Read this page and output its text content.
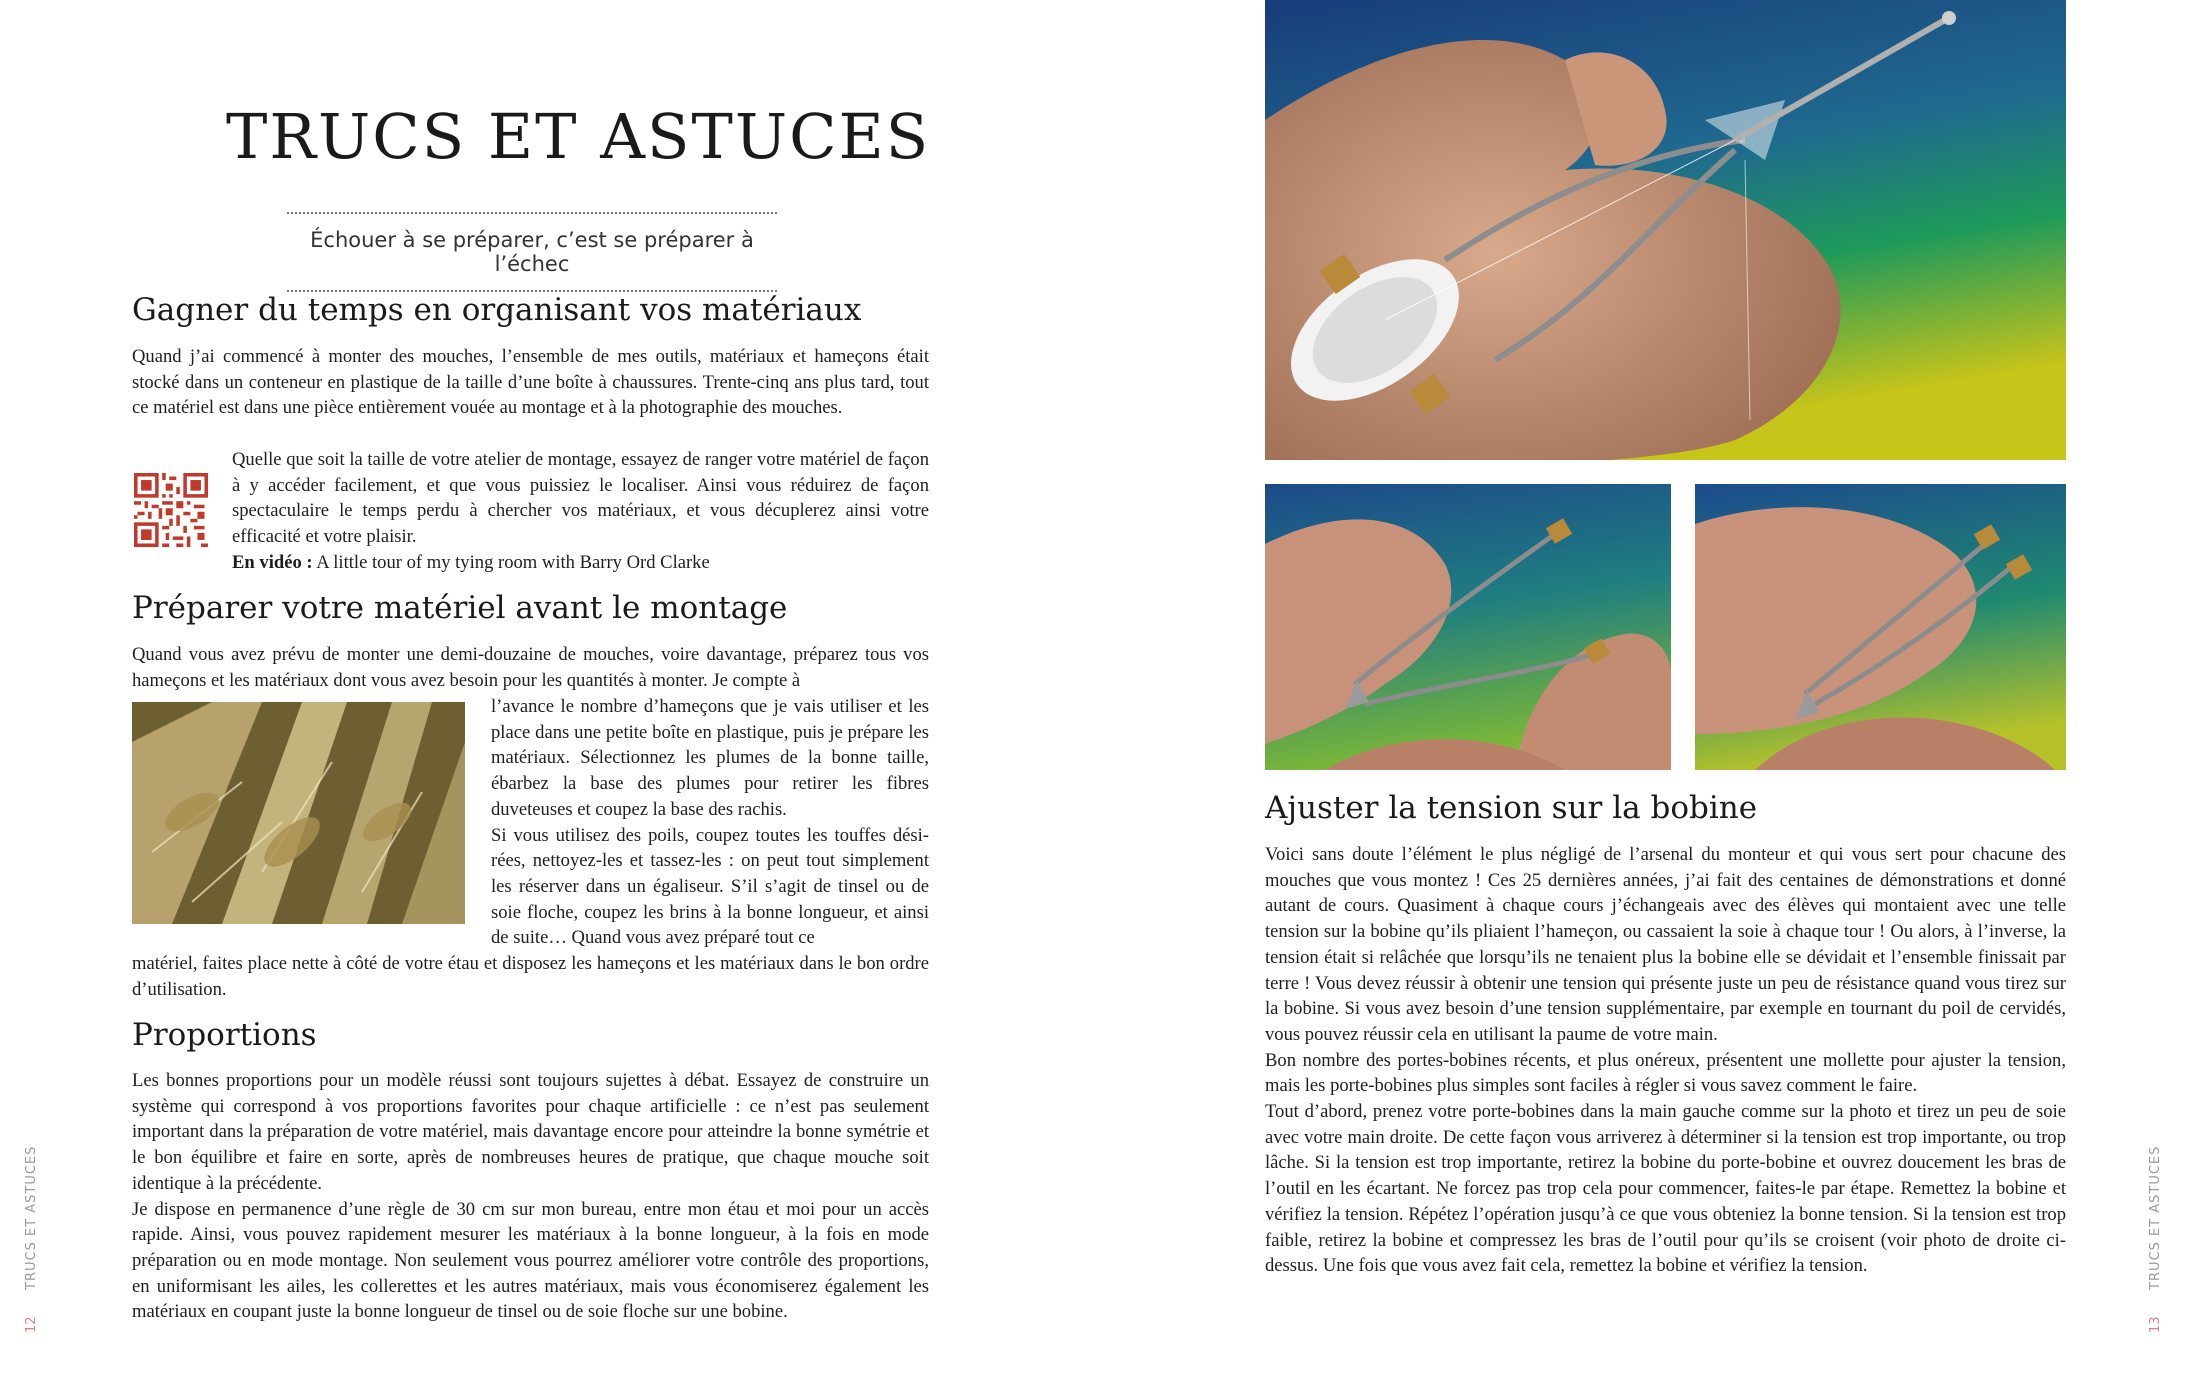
TRUCS ET ASTUCES
Échouer à se préparer, c’est se préparer à l’échec
Gagner du temps en organisant vos matériaux

Quand j’ai commencé à monter des mouches, l’ensemble de mes outils, matériaux et hameçons était stocké dans un conteneur en plastique de la taille d’une boîte à chaussures. Trente-cinq ans plus tard, tout ce matériel est dans une pièce entièrement vouée au montage et à la photographie des mouches.

Quelle que soit la taille de votre atelier de montage, essayez de ranger votre matériel de façon à y accéder facilement, et que vous puissiez le localiser. Ainsi vous réduirez de façon spectaculaire le temps perdu à chercher vos matériaux, et vous décuplerez ainsi votre efficacité et votre plaisir.

En vidéo : A little tour of my tying room with Barry Ord Clarke

Préparer votre matériel avant le montage

Quand vous avez prévu de monter une demi-douzaine de mouches, voire davantage, préparez tous vos hameçons et les matériaux dont vous avez besoin pour les quantités à monter. Je compte à

l’avance le nombre d’hameçons que je vais utiliser et les place dans une petite boîte en plastique, puis je prépare les matériaux. Sélectionnez les plumes de la bonne taille, ébarbez la base des plumes pour retirer les fibres duveteuses et coupez la base des rachis.

Si vous utilisez des poils, coupez toutes les touffes désirées, nettoyez-les et tassez-les : on peut tout simplement les réserver dans un égaliseur. S’il s’agit de tinsel ou de soie floche, coupez les brins à la bonne longueur, et ainsi de suite… Quand vous avez préparé tout ce

matériel, faites place nette à côté de votre étau et disposez les hameçons et les matériaux dans le bon ordre d’utilisation.

Proportions

Les bonnes proportions pour un modèle réussi sont toujours sujettes à débat. Essayez de construire un système qui correspond à vos proportions favorites pour chaque artificielle : ce n’est pas seulement important dans la préparation de votre matériel, mais davantage encore pour atteindre la bonne symétrie et le bon équilibre et faire en sorte, après de nombreuses heures de pratique, que chaque mouche soit identique à la précédente.

Je dispose en permanence d’une règle de 30 cm sur mon bureau, entre mon étau et moi pour un accès rapide. Ainsi, vous pouvez rapidement mesurer les matériaux à la bonne longueur, à la fois en mode préparation ou en mode montage. Non seulement vous pourrez améliorer votre contrôle des proportions, en uniformisant les ailes, les collerettes et les autres matériaux, mais vous économiserez également les matériaux en coupant juste la bonne longueur de tinsel ou de soie floche sur une bobine.

TRUCS ET ASTUCES
12
Ajuster la tension sur la bobine

Voici sans doute l’élément le plus négligé de l’arsenal du monteur et qui vous sert pour chacune des mouches que vous montez ! Ces 25 dernières années, j’ai fait des centaines de démonstrations et donné autant de cours. Quasiment à chaque cours j’échangeais avec des élèves qui montaient avec une telle tension sur la bobine qu’ils pliaient l’hameçon, ou cassaient la soie à chaque tour ! Ou alors, à l’inverse, la tension était si relâchée que lorsqu’ils ne tenaient plus la bobine elle se dévidait et l’ensemble finissait par terre ! Vous devez réussir à obtenir une tension qui présente juste un peu de résistance quand vous tirez sur la bobine. Si vous avez besoin d’une tension supplémentaire, par exemple en tournant du poil de cervidés, vous pouvez réussir cela en utilisant la paume de votre main.

Bon nombre des portes-bobines récents, et plus onéreux, présentent une mollette pour ajuster la tension, mais les porte-bobines plus simples sont faciles à régler si vous savez comment le faire.

Tout d’abord, prenez votre porte-bobines dans la main gauche comme sur la photo et tirez un peu de soie avec votre main droite. De cette façon vous arriverez à déterminer si la tension est trop importante, ou trop lâche. Si la tension est trop importante, retirez la bobine du porte-bobine et ouvrez doucement les bras de l’outil en les écartant. Ne forcez pas trop cela pour commencer, faites-le par étape. Remettez la bobine et vérifiez la tension. Répétez l’opération jusqu’à ce que vous obteniez la bonne tension. Si la tension est trop faible, retirez la bobine et compressez les bras de l’outil pour qu’ils se croisent (voir photo de droite ci-dessus. Une fois que vous avez fait cela, remettez la bobine et vérifiez la tension.	TRUCS ET ASTUCES
13
